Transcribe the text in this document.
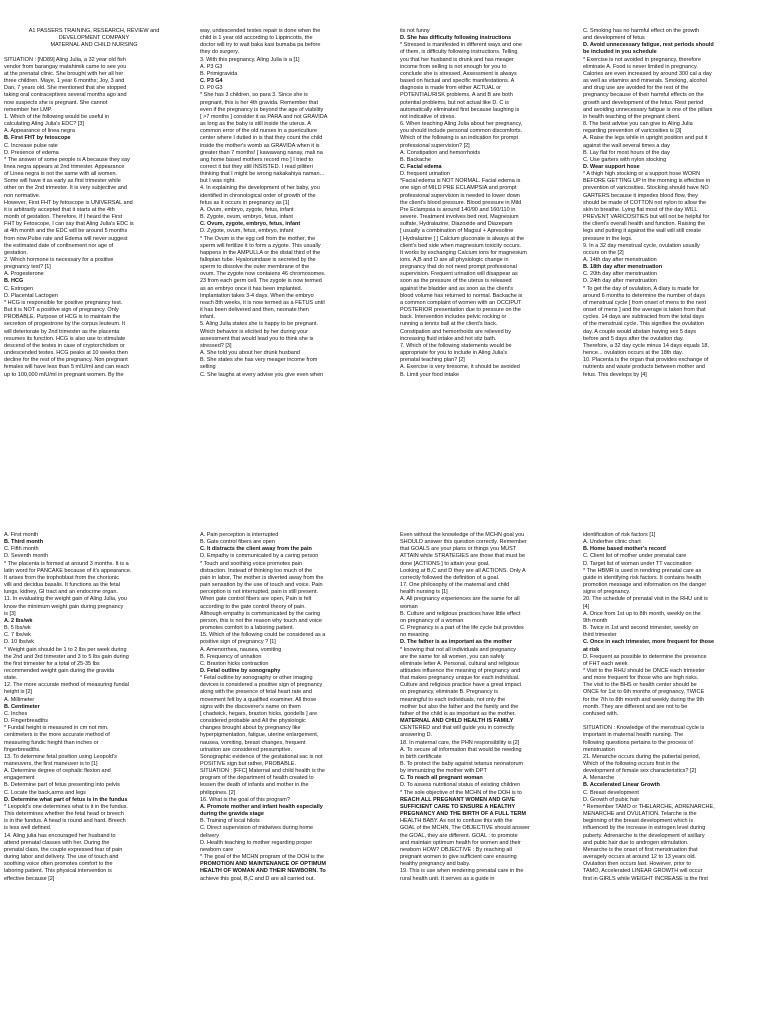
A1 PASSERS TRAINING, RESEARCH, REVIEW and
DEVELOPMENT COMPANY
MATERNAL AND CHILD NURSING

SITUATION : [ND89] Aling Julia, a 32 year old fish
vendor from barangay matahimik came to see you
at the prenatal clinic. She brought with her all her
three children. Maye, 1 year 6 months; Joy, 3 and
Dan, 7 years old. She mentioned that she stopped
taking oral contraceptives several months ago and
now suspects she is pregnant. She cannot
remember her LMP.
1. Which of the following would be useful in
calculating Aling Julia's EDC? [3]
A. Appearance of linea negra
B. First FHT by fetoscope
C. Increase pulse rate
D. Presence of edema
* The answer of some people is A because they say
linea negra appears at 2nd trimester. Appearance
of Linea negra is not the same with all women.
Some will have it as early as first trimester while
other on the 2nd trimester. It is very subjective and
non normative.
However, First FHT by fetoscope is UNIVERSAL and
it is arbitrarily accepted that it starts at the 4th
month of gestation. Therefore, If I heard the First
FHT by Fetoscope, I can say that Aling Julia's EDC is
at 4th month and the EDC will be around 5 months
from now.Pulse rate and Edema will never suggest
the estimated date of confinement nor age of
gestation.
2. Which hormone is necessary for a positive
pregnancy test? [1]
A. Progesterone
B. HCG
C. Estrogen
D. Placental Lactogen
* HCG is responsible for positive pregnancy test.
But it is NOT a positive sign of pregnancy. Only
PROBABLE. Purpose of HCG is to maintain the
secretion of progestrone by the corpus leuteum. It
will deteriorate by 2nd trimester as the placenta
resumes its function. HCG is also use to stimulate
descend of the testes in case of cryptorchidism or
undescended testes. HCG peaks at 10 weeks then
decline for the rest of the pregnancy. Non pregnant
females will have less than 5 mIU/ml and can reach
up to 100,000 mIU/ml in pregnant women. By the
way, undescended testes repair is done when the
child is 1 year old according to Lippincotts, the
doctor will try to wait baka kasi bumaba pa before
they do surgery.
3. With this pregnancy, Aling Julia is a [1]
A. P3 G3
B. Primigravida
C. P3 G4
D. P0 G3
* She has 3 children, so para 3. Since she is
pregnant, this is her 4th gravida. Remember that
even if the pregnancy is beyond the age of viability
[ >7 months ] consider it as PARA and not GRAVIDA
as long as the baby is still inside the uterus. A
common error of the old nurses in a puericulture
center where I dutied in is that they count the child
inside the mother's womb as GRAVIDA when it is
greater than 7 months! [ kawawang nanay, mali na
ang home based mothers record mo ] I tried to
correct it but they still INSISTED. I read pilliteri
thinking that I might be wrong nakakahiya naman...
but I was right.
4. In explaining the development of her baby, you
identified in chronological order of growth of the
fetus as it occurs in pregnancy as [1]
A. Ovum, embryo, zygote, fetus, infant
B. Zygote, ovum, embryo, fetus, infant
C. Ovum, zygote, embryo, fetus, infant
D. Zygote, ovum, fetus, embryo, infant
* The Ovum is the egg cell from the mother, the
sperm will fertilize it to form a zygote. This usually
happens in the AMPULLA or the distal third of the
fallopian tube. Hyaloruindase is secreted by the
sperm to dissolve the outer membrane of the
ovum. The zygote now contaiens 46 chromosomes.
23 from each germ cell. The zygote is now termed
as an embryo once it has been implanted.
Implantation takes 3-4 days. When the embryo
reach 8th weeks, it is now termed as a FETUS until
it has been delivered and then, neonate then
infant.
5. Aling Julia states she is happy to be pregnant.
Which behavior is elicited by her during your
assessment that would lead you to think she is
stressed? [3]
A. She told you about her drunk husband
B. She states she has very meager income from
selling
C. She laughs at every advise you give even when
its not funny
D. She has difficulty following instructions
* Stressed is manifested in different ways and one
of them, is difficulty following instructions. Telling
you that her husband is drunk and has meager
income from selling is not enough for you to
conclude she is stressed. Assessment is always
based on factual and specific manifestations. A
diagnosis is made from either ACTUAL or
POTENTIAL/RISK problems. A and B are both
potential problems, but not actual like D. C is
automatically eliminated first because laughing is
not indicative of stress.
6. When teaching Aling Julia about her pregnancy,
you should include personal common discomforts.
Which of the following is an indication for prompt
professional supervision? [2]
A. Constipation and hemorrhoids
B. Backache
C. Facial edema
D. frequent urination
*Facial edema is NOT NORMAL. Facial edema is
one sign of MILD PRE ECLAMPSIA and prompt
professional supervision is needed to lower down
the client's blood pressure. Blood pressure in Mild
Pre Eclampsia is around 140/90 and 160/110 in
severe. Treatment involves bed rest, Magnesium
sulfate, Hydralazine, Diazoxide and Diazepam
[ usually a combination of Magsul + Apresoline
[ Hydralazine ] ] Calcium gluconate is always at the
client's bed side when magnesium toxicity occurs.
It works by exchanging Calcium ions for magnesium
ions. A,B and D are all physiologic change in
pregnancy that do not need prompt professional
supervision. Frequent urination will disappear as
soon as the pressure of the uterus is released
against the bladder and as soon as the client's
blood volume has returned to normal. Backache is
a common complaint of women with an OCCIPUT
POSTERIOR presentation due to pressure on the
back. Intervention includes pelvic rocking or
running a tennis ball at the client's back.
Constipation and hemorrhoids are relieved by
increasing fluid intake and hot sitz bath.
7. Which of the following statements would be
appropriate for you to include in Aling Julia's
prenatal teaching plan? [2]
A. Exercise is very tiresome, it should be avoided
B. Limit your food intake
C. Smoking has no harmful effect on the growth
and development of fetus
D. Avoid unnecessary fatigue, rest periods should
be included in you schedule
* Exercise is not avoided in pregnancy, therefore
eliminate A. Food is never limited in pregnancy.
Calories are even increased by around 300 cal a day
as well as vitamins and minerals. Smoking, alcohol
and drug use are avoided for the rest of the
pregnancy because of their harmful effects on the
growth and development of the fetus. Rest period
and avoiding unnecessary fatigue is one of the pillars
in health teaching of the pregnant client.
8. The best advise you can give to Aling Julia
regarding prevention of varicosities is [3]
A. Raise the legs while in upright position and put it
against the wall several times a day
B. Lay flat for most hours of the day
C. Use garters with nylon stocking
D. Wear support hose
* A thigh high stocking or a support hose WORN
BEFORE GETTING UP in the morning is effective in
prevention of varicosities. Stocking should have NO
GARTERS because it impedes blood flow, they
should be made of COTTON not nylon to allow the
skin to breathe. Lying flat most of the day WILL
PREVENT VARICOSITIES but will not be helpful for
the client's overall health and function. Raising the
legs and putting it against the wall will still create
pressure in the legs.
9. In a 32 day menstrual cycle, ovulation usually
occurs on the [2]
A. 14th day after menstruation
B. 18th day after menstruation
C. 20th day after menstruation
D. 24th day after menstruation
* To get the day of ovulation, A diary is made for
around 6 months to determine the number of days
of menstrual cycle [ from onset of mens to the next
onset of mens ] and the average is taken from that
cycles. 14 days are subtracted from the total days
of the menstrual cycle. This signifies the ovulation
day. A couple would abstain having sex 5 days
before and 5 days after the ovulation day.
Therefore, a 32 day cycle minus 14 days equals 18,
hence... ovulation occurs at the 18th day.
10. Placenta is the organ that provides exchange of
nutrients and waste products between mother and
fetus. This develops by [4]
A. First month
B. Third month
C. Fifth month
D. Seventh month
* The placenta is formed at around 3 months. It is a
latin word for PANCAKE because of it's appearance.
It arises from the trophoblast from the chorionic
villi and decidua basalis. It functions as the fetal
lungs, kidney, GI tract and an endocrine organ.
11. In evaluating the weight gain of Aling Julia, you
know the minimum weight gain during pregnancy
is [3]
A. 2 lbs/wk
B. 5 lbs/wk
C. 7 lbs/wk
D. 10 lbs/wk
* Weight gain should be 1 to 2 lbs per week during
the 2nd and 3rd trimester and 3 to 5 lbs gain during
the first trimester for a total of 25-35 lbs
recommended weight gain during the gravida
state.
12. The more accurate method of measuring fundal
height is [2]
A. Millimeter
B. Centimeter
C. Inches
D. Fingerbreadths
* Fundal height is measured in cm not mm.
centimeters is the more accurate method of
measuring fundic height than inches or
fingerbreadths.
13. To determine fetal position using Leopold's
maneuvers, the first maneuver is to [1]
A. Determine degree of cephalic flexion and
engagement
B. Determine part of fetus presenting into pelvis
C. Locate the back,arms and legs
D. Determine what part of fetus is in the fundus
* Leopold's one determines what is it in the fundus.
This determines whether the fetal head or breech
is in the fundus. A head is round and hard. Breech
is less well defined.
14. Aling julia has encouraged her husband to
attend prenatal classes with her. During the
prenatal class, the couple expressed fear of pain
during labor and delivery. The use of touch and
soothing voice often promotes comfort to the
laboring patient. This physical intervention is
effective because [2]
A. Pain perception is interrupted
B. Gate control fibers are open
C. It distracts the client away from the pain
D. Empathy is communicated by a caring person
* Touch and soothing voice promotes pain
distraction. Instead of thinking too much of the
pain in labor, The mother is diverted away from the
pain sensation by the use of touch and voice. Pain
perception is not interrupted, pain is still present.
When gate control fibers are open, Pain is felt
according to the gate control theory of pain.
Although empathy is communicated by the caring
person, this is not the reason why touch and voice
promotes comfort to a laboring patient.
15. Which of the following could be considered as a
positive sign of pregnancy ? [1]
A. Amenorrhea, nausea, vomiting
B. Frequency of urination
C. Braxton hicks contraction
D. Fetal outline by sonography
* Fetal outline by sonography or other imaging
devices is considered a positive sign of pregnancy
along with the presence of fetal heart rate and
movement felt by a qualified examiner. All those
signs with the discoverer's name on them
[ chadwick, hegars, braxton hicks, goodells ] are
considered probable and All the physiologic
changes brought about by pregnancy like
hyperpigmentation, fatigue, uterine enlargement,
nausea, vomiting, breast changes, frequent
urination are considered presumptive.
Sonographic evidence of the gestational sac is not
POSITIVE sign but rather, PROBABLE.
SITUATION : [FFC] Maternal and child health is the
program of the department of health created to
lessen the death of infants and mother in the
philippines. [2]
16. What is the goal of this program?
A. Promote mother and infant health especially
during the gravida stage
B. Training of local hilots
C. Direct supervision of midwives during home
delivery
D. Health teaching to mother regarding proper
newborn care
* The goal of the MCHN program of the DOH is the
PROMOTION AND MAINTENANCE OF OPTIMUM
HEALTH OF WOMAN AND THEIR NEWBORN. To
achieve this goal, B,C and D are all carried out.
Even without the knowledge of the MCHN goal you
SHOULD answer this question correctly. Remember
that GOALS are your plans or things you MUST
ATTAIN while STRATEGIES are those that must be
done [ACTIONS ] to attain your goal.
Looking at B,C and D they are all ACTIONS. Only A
correctly followed the definition of a goal.
17. One philosophy of the maternal and child
health nursing is [1]
A. All pregnancy experiences are the same for all
woman
B. Culture and religious practices have little effect
on pregnancy of a woman
C. Pregnancy is a part of the life cycle but provides
no meaning
D. The father is as important as the mother
* knowing that not all individuals and pregnancy
are the same for all women, you can safely
eliminate letter A. Personal, cultural and religious
attitudes influence the meaning of pregnancy and
that makes pregnancy unique for each individual.
Culture and religious practice have a great impact
on pregnancy, eliminate B. Pregnancy is
meaningful to each individuals, not only the
mother but also the father and the family and the
father of the child is as important as the mother.
MATERNAL AND CHILD HEALTH IS FAMILY
CENTERED and that will guide you in correctly
answering D.
18. In maternal care, the PHN responsibility is [2]
A. To secure all information that would be needing
in birth certificate
B. To protect the baby against tetanus neonatorum
by immunizing the mother with DPT
C. To reach all pregnant woman
D. To assess nutritional status of existing children
* The sole objective of the MCHN of the DOH is to
REACH ALL PREGNANT WOMEN AND GIVE
SUFFICIENT CARE TO ENSURE A HEALTHY
PREGNANCY AND THE BIRTH OF A FULL TERM
HEALTH BABY. As not to confuse this with the
GOAL of the MCHN, The OBJECTIVE should answer
the GOAL, they are different. GOAL : to promote
and maintain optimum health for women and their
newborn HOW? OBJECTIVE : By reaching all
pregnant women to give sufficient care ensuring
healthy pregnancy and baby.
19. This is use when rendering prenatal care in the
rural health unit. It serves as a guide in
identification of risk factors [1]
A. Underfive clinic chart
B. Home based mother's record
C. Client list of mother under prenatal care
D. Target list of woman under TT vaccination
* The HBMR is used in rendring prenatal care as
guide in identifying risk factors. It contains health
promotion message and information on the danger
signs of pregnancy.
20. The schedule of prenatal visit in the RHU unit is
[4]
A. Once from 1st up to 8th month, weekly on the
9th month
B. Twice in 1st and second trimester, weekly on
third trimester
C. Once in each trimester, more frequent for those
at risk
D. Frequent as possible to determine the presence
of FHT each week
* Visit to the RHU should be ONCE each trimester
and more frequent for those who are high risks.
The visit to the BHS or health center should be
ONCE for 1st to 6th months of pregnancy, TWICE
for the 7th to 8th month and weekly during the 9th
month. They are different and are not to be
confused with.

SITUATION : Knowledge of the menstrual cycle is
important in maternal health nursing. The
following questions pertains to the process of
menstruation
21. Menarche occurs during the pubertal period,
Which of the following occurs first in the
development of female sex characteristics? [2]
A. Menarche
B. Accelerated Linear Growth
C. Breast development
D. Growth of pubic hair
* Remember TAMO or THELARCHE, ADRENARCHE,
MENARCHE and OVULATION. Telarche is the
beginning of the breast development which is
influenced by the increase in estrogen level during
puberty. Adrenarche is the development of axillary
and pubic hair due to androgen stimulation.
Menarche is the onset of first menstruation that
averagely occurs at around 12 to 13 years old.
Ovulation then occurs last. However, prior to
TAMO, Accelerated LINEAR GROWTH will occur
first in GIRLS while WEIGHT INCREASE is the first
